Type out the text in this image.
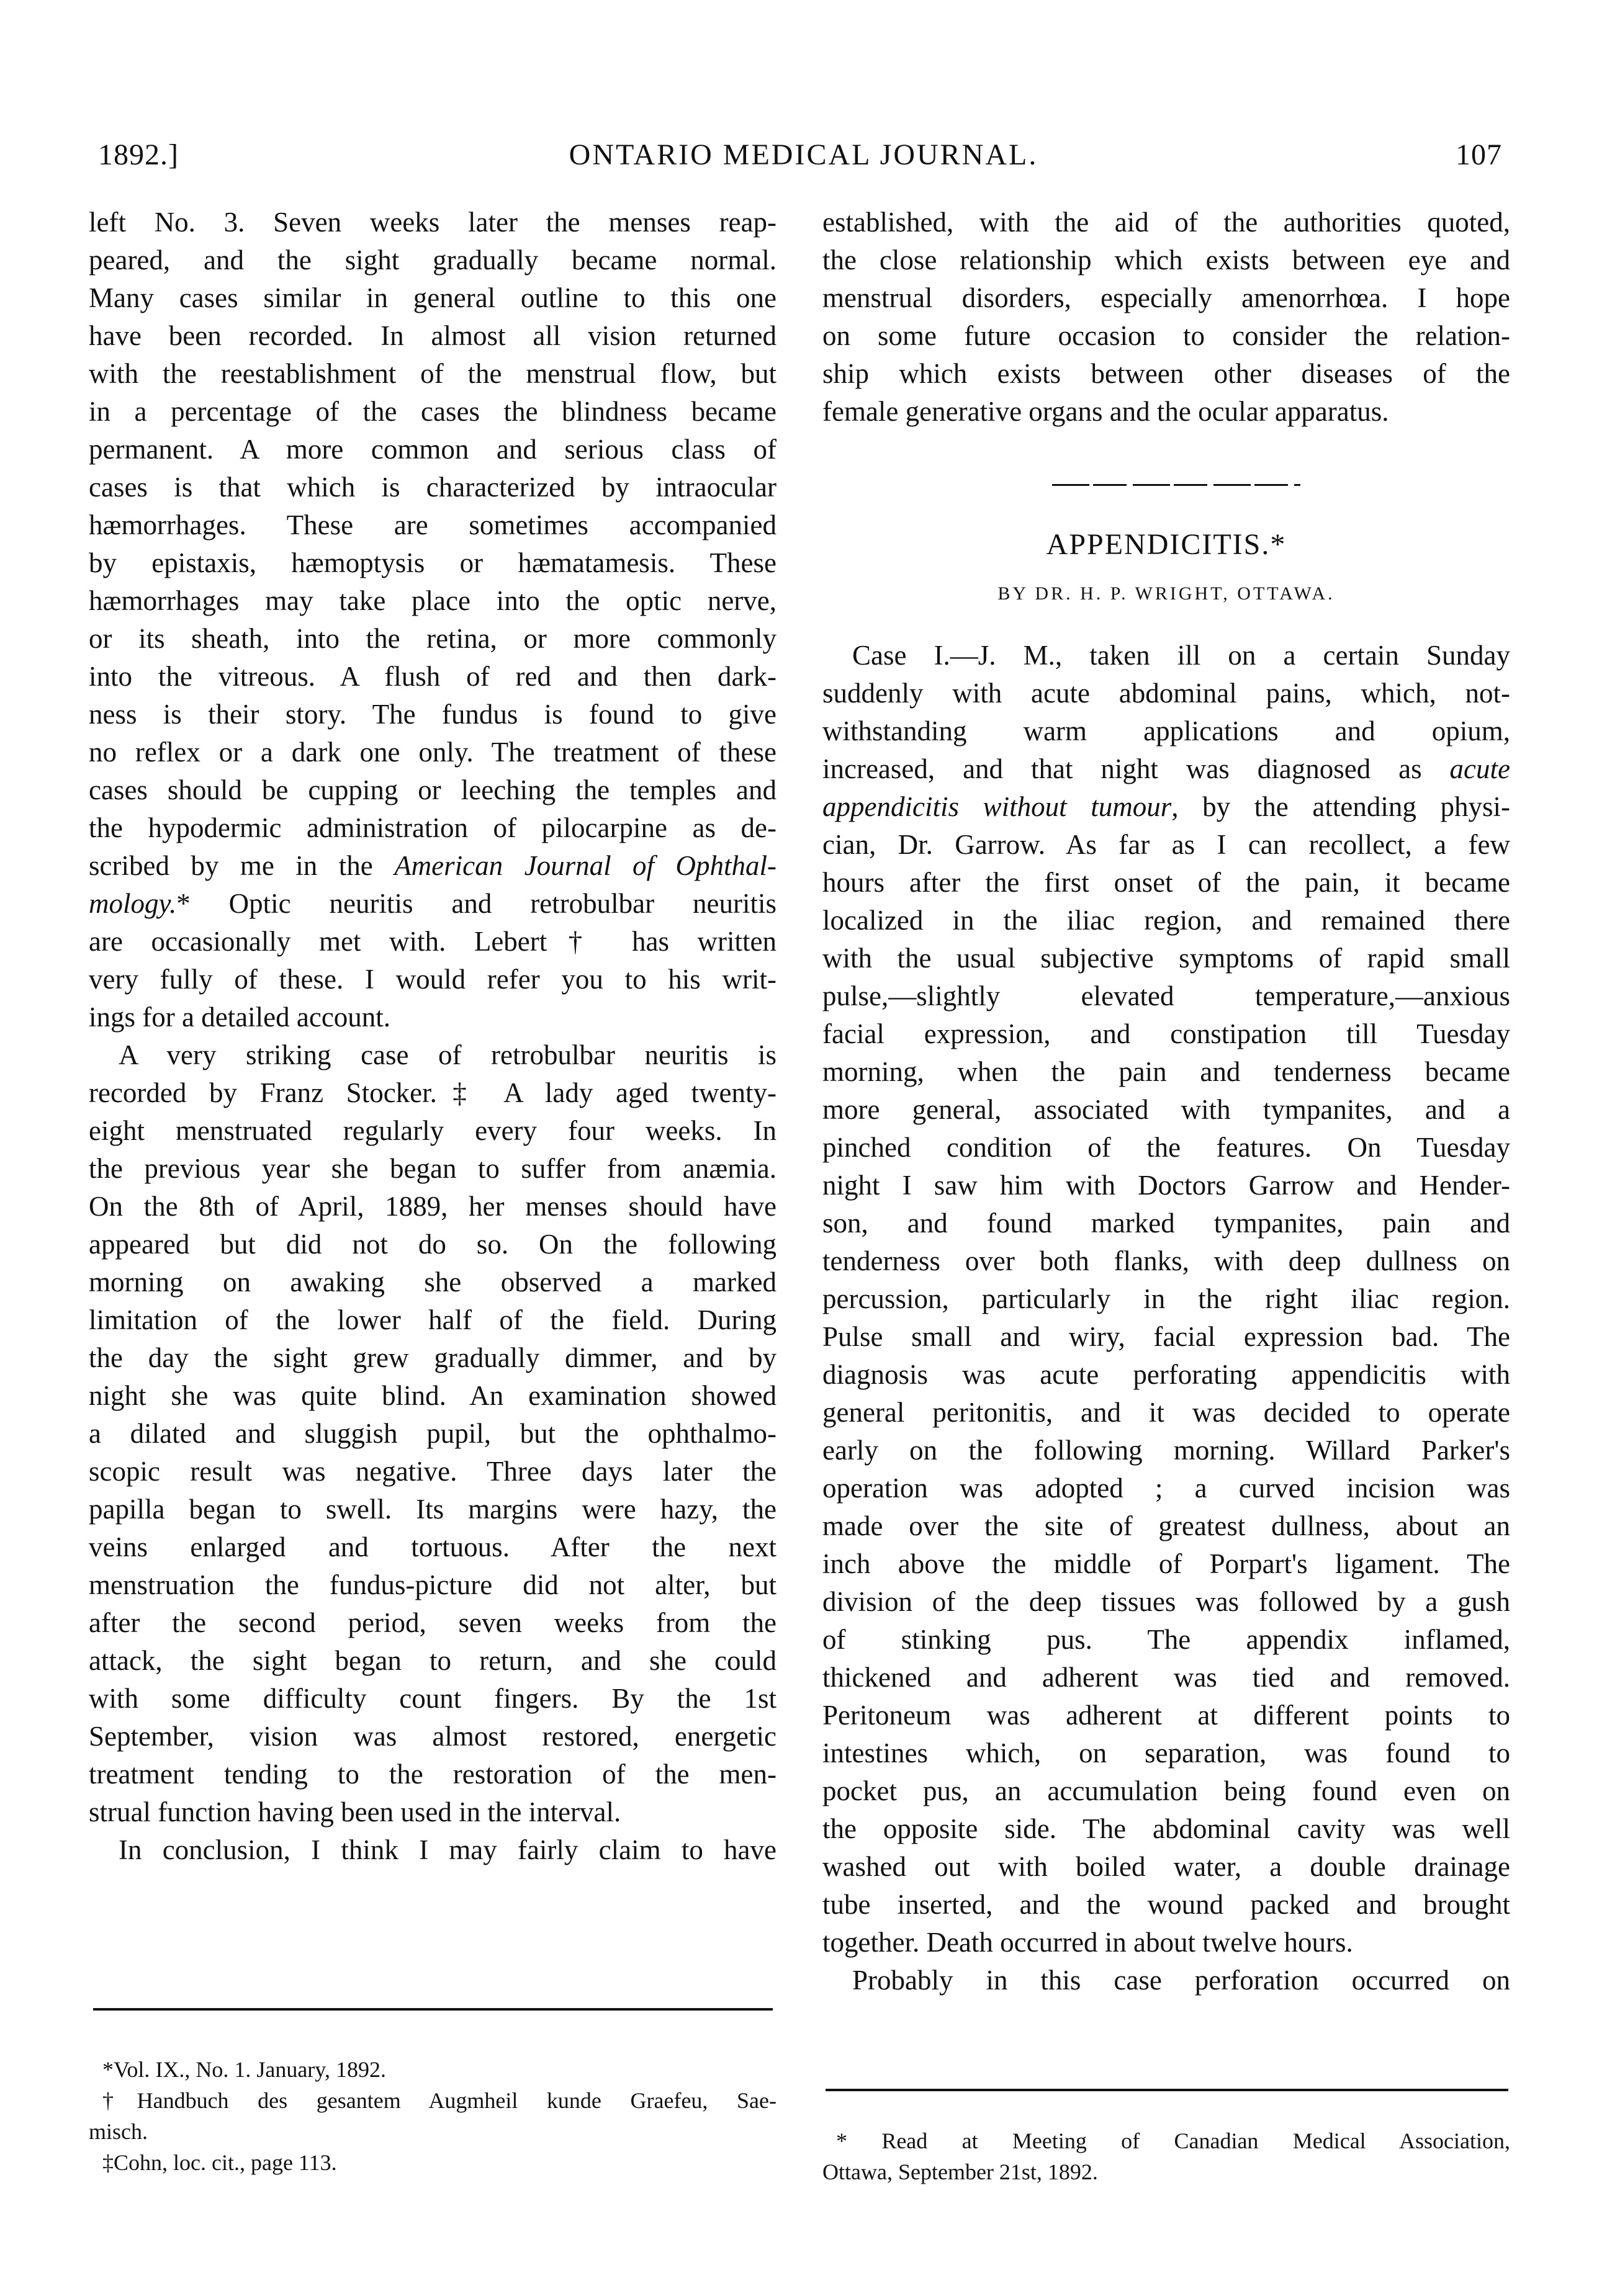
1892.]	ONTARIO MEDICAL JOURNAL.	107
left No. 3. Seven weeks later the menses reap-
peared, and the sight gradually became normal.
Many cases similar in general outline to this one
have been recorded. In almost all vision returned
with the reestablishment of the menstrual flow, but
in a percentage of the cases the blindness became
permanent. A more common and serious class of
cases is that which is characterized by intraocular
hæmorrhages. These are sometimes accompanied
by epistaxis, hæmoptysis or hæmatamesis. These
hæmorrhages may take place into the optic nerve,
or its sheath, into the retina, or more commonly
into the vitreous. A flush of red and then dark-
ness is their story. The fundus is found to give
no reflex or a dark one only. The treatment of these
cases should be cupping or leeching the temples and
the hypodermic administration of pilocarpine as de-
scribed by me in the American Journal of Ophthal-
mology.* Optic neuritis and retrobulbar neuritis
are occasionally met with. Lebert† has written
very fully of these. I would refer you to his writ-
ings for a detailed account.
A very striking case of retrobulbar neuritis is
recorded by Franz Stocker.‡ A lady aged twenty-
eight menstruated regularly every four weeks. In
the previous year she began to suffer from anæmia.
On the 8th of April, 1889, her menses should have
appeared but did not do so. On the following
morning on awaking she observed a marked
limitation of the lower half of the field. During
the day the sight grew gradually dimmer, and by
night she was quite blind. An examination showed
a dilated and sluggish pupil, but the ophthalmo-
scopic result was negative. Three days later the
papilla began to swell. Its margins were hazy, the
veins enlarged and tortuous. After the next
menstruation the fundus-picture did not alter, but
after the second period, seven weeks from the
attack, the sight began to return, and she could
with some difficulty count fingers. By the 1st
September, vision was almost restored, energetic
treatment tending to the restoration of the men-
strual function having been used in the interval.
In conclusion, I think I may fairly claim to have
*Vol. IX., No. 1. January, 1892.
†Handbuch des gesantem Augmheil kunde Graefeu, Sae-
misch.
‡Cohn, loc. cit., page 113.
established, with the aid of the authorities quoted,
the close relationship which exists between eye and
menstrual disorders, especially amenorrhœa. I hope
on some future occasion to consider the relation-
ship which exists between other diseases of the
female generative organs and the ocular apparatus.
APPENDICITIS.*
BY DR. H. P. WRIGHT, OTTAWA.
Case I.—J. M., taken ill on a certain Sunday
suddenly with acute abdominal pains, which, not-
withstanding warm applications and opium,
increased, and that night was diagnosed as acute
appendicitis without tumour, by the attending physi-
cian, Dr. Garrow. As far as I can recollect, a few
hours after the first onset of the pain, it became
localized in the iliac region, and remained there
with the usual subjective symptoms of rapid small
pulse,—slightly elevated temperature,—anxious
facial expression, and constipation till Tuesday
morning, when the pain and tenderness became
more general, associated with tympanites, and a
pinched condition of the features. On Tuesday
night I saw him with Doctors Garrow and Hender-
son, and found marked tympanites, pain and
tenderness over both flanks, with deep dullness on
percussion, particularly in the right iliac region.
Pulse small and wiry, facial expression bad. The
diagnosis was acute perforating appendicitis with
general peritonitis, and it was decided to operate
early on the following morning. Willard Parker's
operation was adopted ; a curved incision was
made over the site of greatest dullness, about an
inch above the middle of Porpart's ligament. The
division of the deep tissues was followed by a gush
of stinking pus. The appendix inflamed,
thickened and adherent was tied and removed.
Peritoneum was adherent at different points to
intestines which, on separation, was found to
pocket pus, an accumulation being found even on
the opposite side. The abdominal cavity was well
washed out with boiled water, a double drainage
tube inserted, and the wound packed and brought
together. Death occurred in about twelve hours.
Probably in this case perforation occurred on
* Read at Meeting of Canadian Medical Association,
Ottawa, September 21st, 1892.
